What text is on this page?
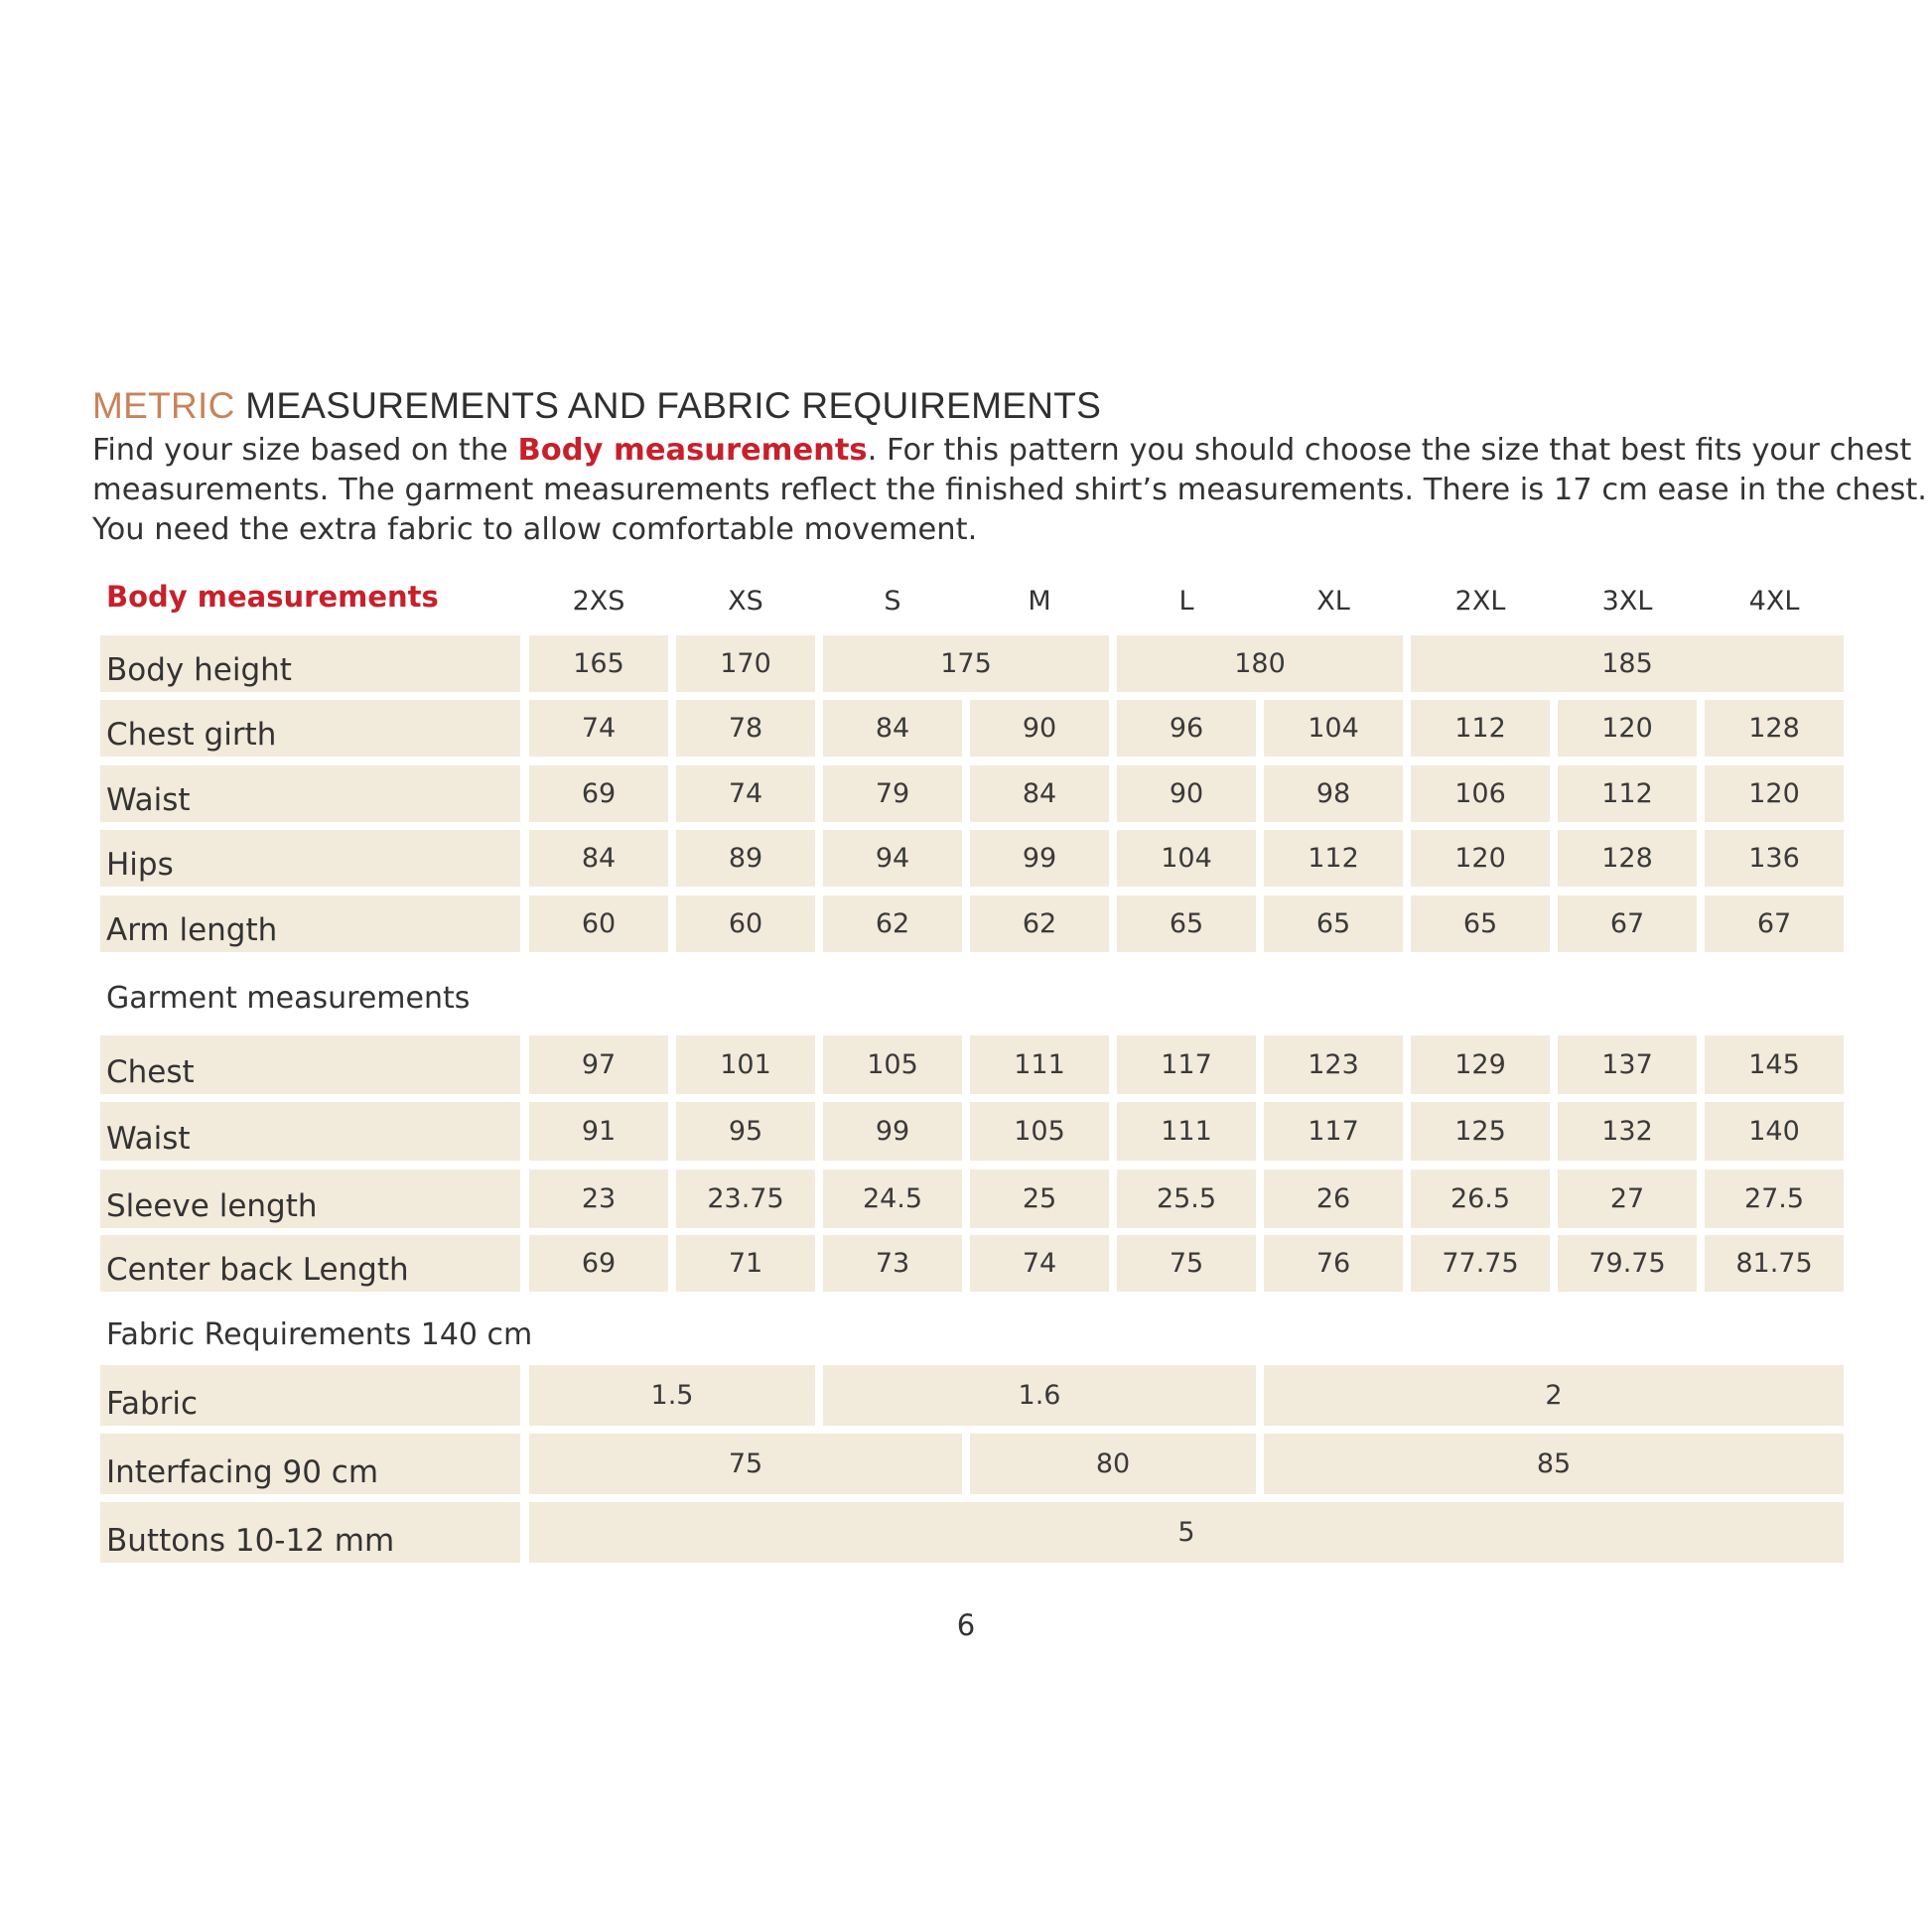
METRIC MEASUREMENTS AND FABRIC REQUIREMENTS
Find your size based on the Body measurements. For this pattern you should choose the size that best fits your chest
measurements. The garment measurements reflect the finished shirt’s measurements. There is 17 cm ease in the chest.
You need the extra fabric to allow comfortable movement.
Body measurements	2XS	XS	S	M	L	XL	2XL	3XL	4XL
Garment measurements
Fabric Requirements 140 cm
Body height	165	170	175	180	185
Chest girth	74	78	84	90	96	104	112	120	128
Waist	69	74	79	84	90	98	106	112	120
Hips	84	89	94	99	104	112	120	128	136
Arm length	60	60	62	62	65	65	65	67	67
Chest	97	101	105	111	117	123	129	137	145
Waist	91	95	99	105	111	117	125	132	140
Sleeve length	23	23.75	24.5	25	25.5	26	26.5	27	27.5
Center back Length	69	71	73	74	75	76	77.75	79.75	81.75
Fabric	1.5	1.6	2
Interfacing 90 cm	75	80	85
Buttons 10-12 mm	5
6
